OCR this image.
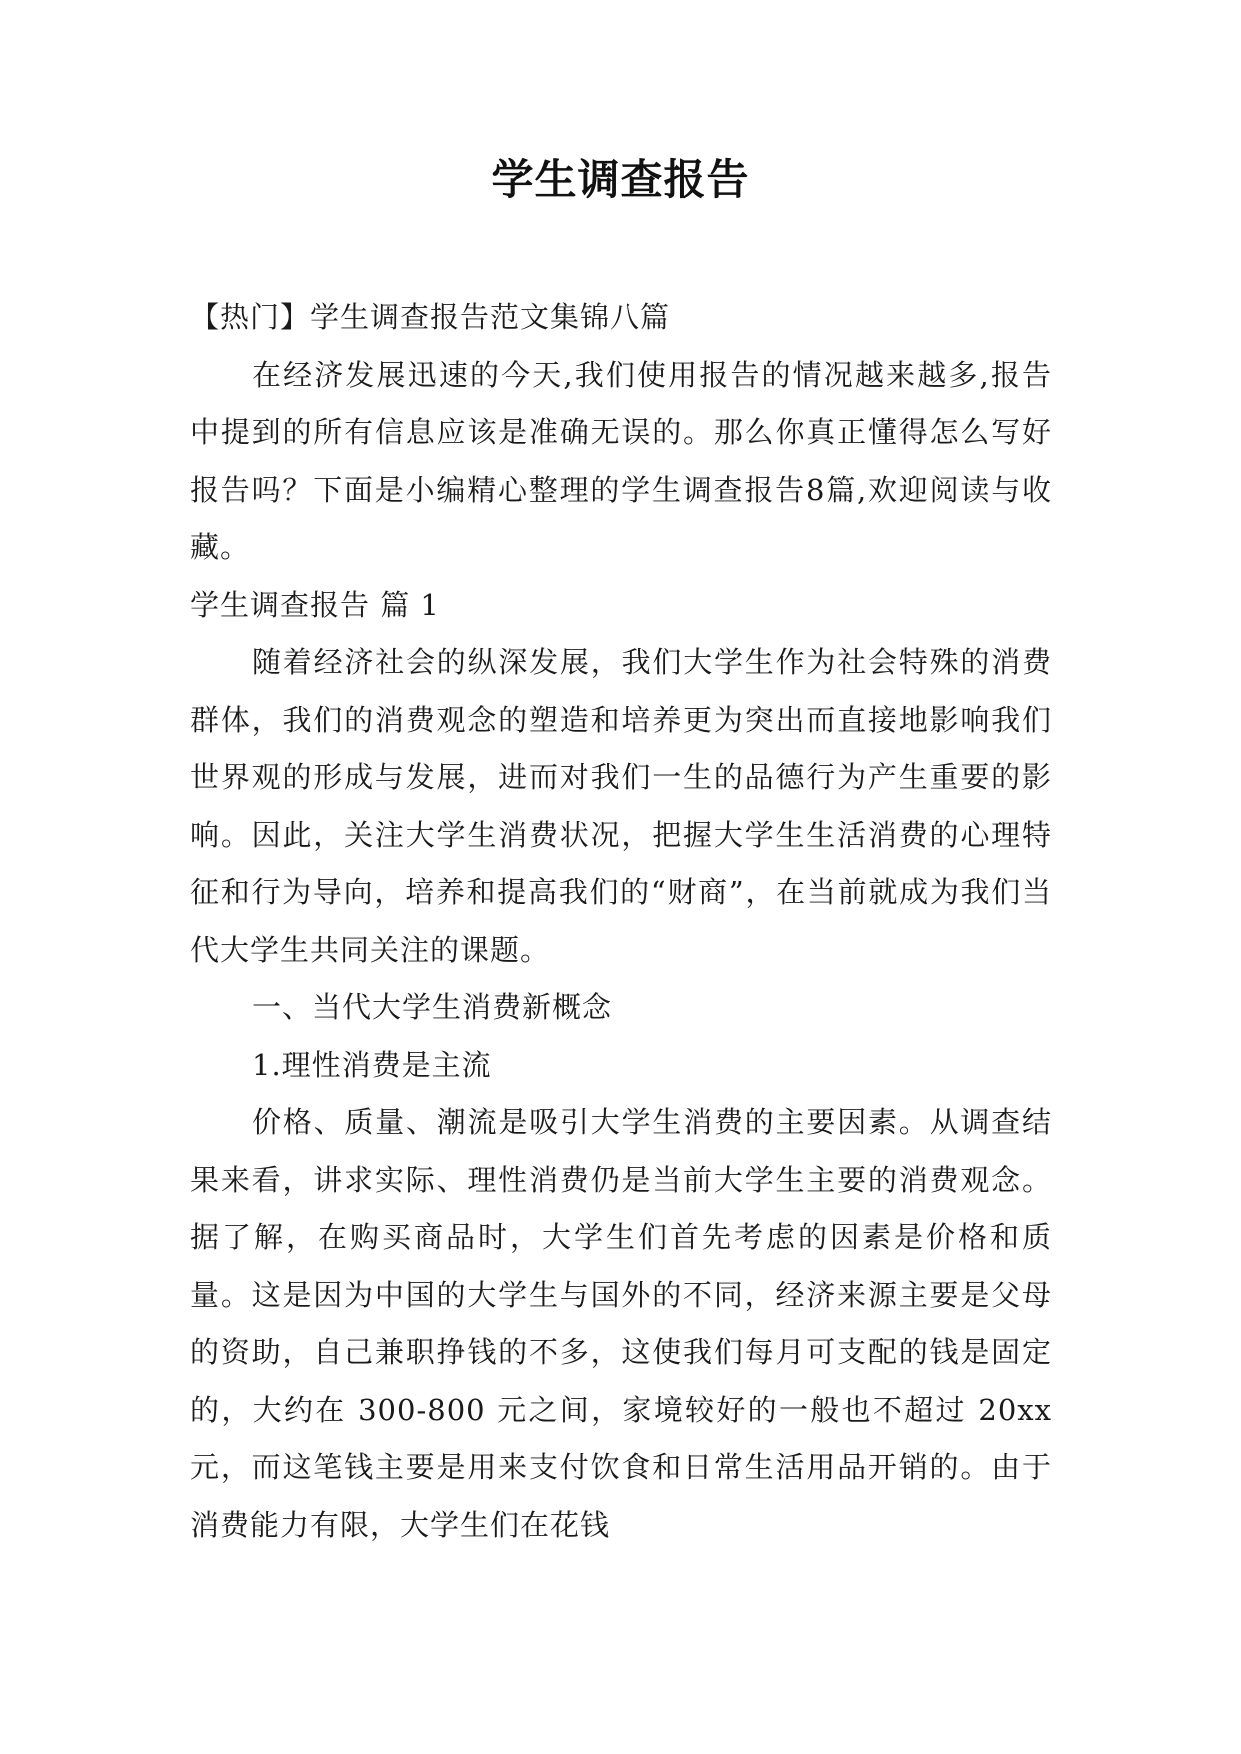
学生调查报告

【热门】学生调查报告范文集锦八篇

在经济发展迅速的今天,我们使用报告的情况越来越多,报告中提到的所有信息应该是准确无误的。那么你真正懂得怎么写好报告吗？下面是小编精心整理的学生调查报告8篇,欢迎阅读与收藏。

学生调查报告 篇 1

随着经济社会的纵深发展，我们大学生作为社会特殊的消费群体，我们的消费观念的塑造和培养更为突出而直接地影响我们世界观的形成与发展，进而对我们一生的品德行为产生重要的影响。因此，关注大学生消费状况，把握大学生生活消费的心理特征和行为导向，培养和提高我们的“财商”，在当前就成为我们当代大学生共同关注的课题。

一、当代大学生消费新概念

1.理性消费是主流

价格、质量、潮流是吸引大学生消费的主要因素。从调查结果来看，讲求实际、理性消费仍是当前大学生主要的消费观念。据了解，在购买商品时，大学生们首先考虑的因素是价格和质量。这是因为中国的大学生与国外的不同，经济来源主要是父母的资助，自己兼职挣钱的不多，这使我们每月可支配的钱是固定的，大约在 300-800 元之间，家境较好的一般也不超过 20xx 元，而这笔钱主要是用来支付饮食和日常生活用品开销的。由于消费能力有限，大学生们在花钱
